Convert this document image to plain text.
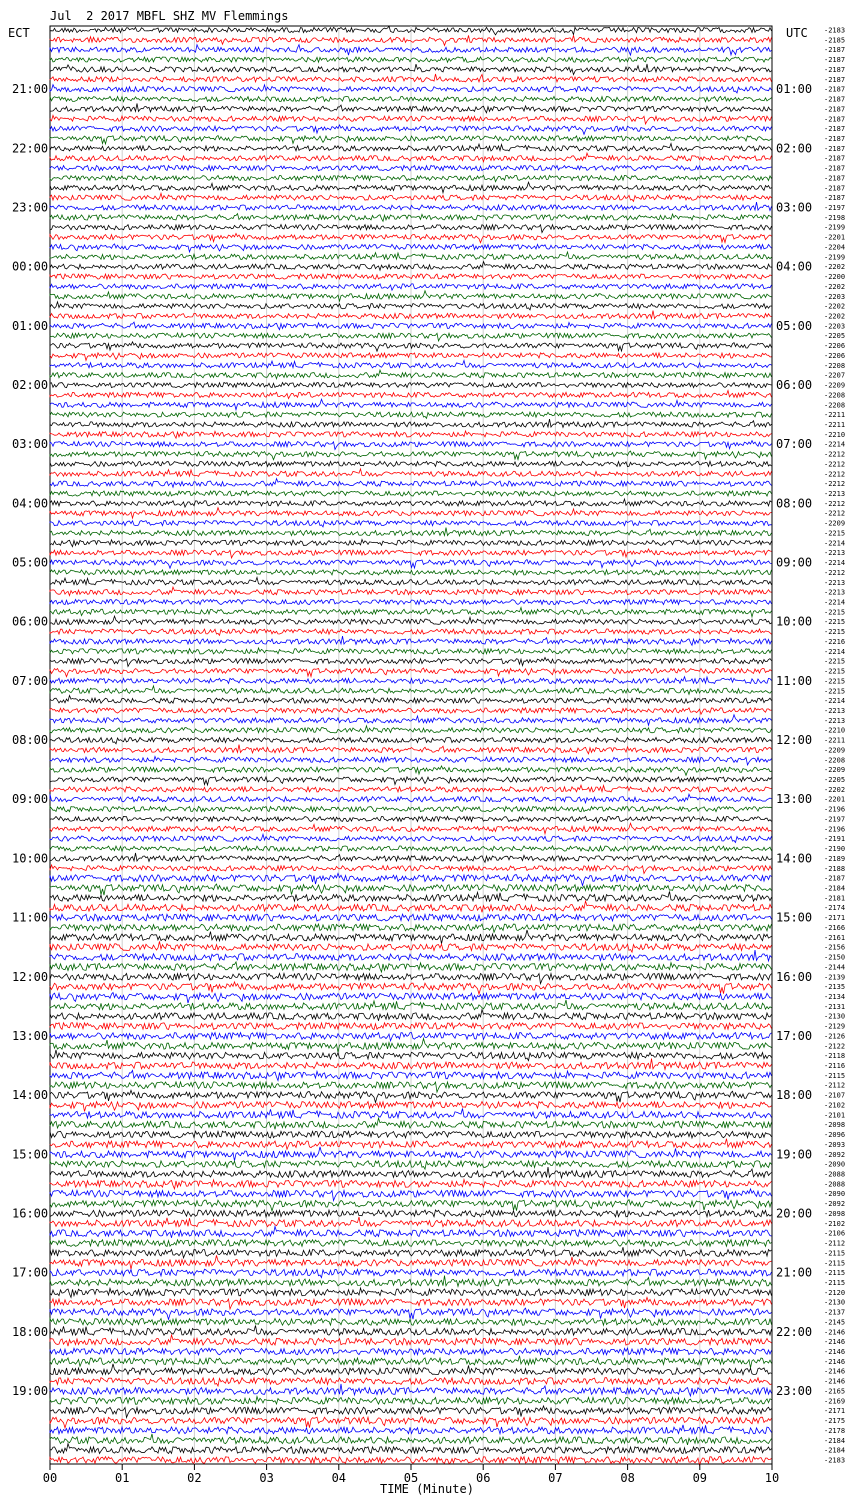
Jul  2 2017 MBFL SHZ MV Flemmings
ECT	UTC
TIME (Minute)
-2183
-2185
-2187
-2187
-2187
-2187
-2187
-2187
-2187
-2187
-2187
-2187
-2187
-2187
-2187
-2187
-2187
-2187
-2197
-2198
-2199
-2201
-2204
-2199
-2202
-2200
-2202
-2203
-2202
-2202
-2203
-2205
-2206
-2206
-2208
-2207
-2209
-2208
-2208
-2211
-2211
-2210
-2214
-2212
-2212
-2212
-2212
-2213
-2212
-2212
-2209
-2215
-2214
-2213
-2214
-2212
-2213
-2213
-2214
-2215
-2215
-2215
-2216
-2214
-2215
-2215
-2215
-2215
-2214
-2213
-2213
-2210
-2211
-2209
-2208
-2209
-2205
-2202
-2201
-2196
-2197
-2196
-2191
-2190
-2189
-2188
-2187
-2184
-2181
-2174
-2171
-2166
-2161
-2156
-2150
-2144
-2139
-2135
-2134
-2131
-2130
-2129
-2126
-2122
-2118
-2116
-2115
-2112
-2107
-2102
-2101
-2098
-2096
-2093
-2092
-2090
-2088
-2088
-2090
-2092
-2098
-2102
-2106
-2112
-2115
-2115
-2115
-2115
-2120
-2130
-2137
-2145
-2146
-2146
-2146
-2146
-2146
-2146
-2165
-2169
-2171
-2175
-2178
-2184
-2184
-2183
21:00	01:00
22:00	02:00
23:00	03:00
00:00	04:00
01:00	05:00
02:00	06:00
03:00	07:00
04:00	08:00
05:00	09:00
06:00	10:00
07:00	11:00
08:00	12:00
09:00	13:00
10:00	14:00
11:00	15:00
12:00	16:00
13:00	17:00
14:00	18:00
15:00	19:00
16:00	20:00
17:00	21:00
18:00	22:00
19:00	23:00
00	01	02	03	04	05	06	07	08	09	10
